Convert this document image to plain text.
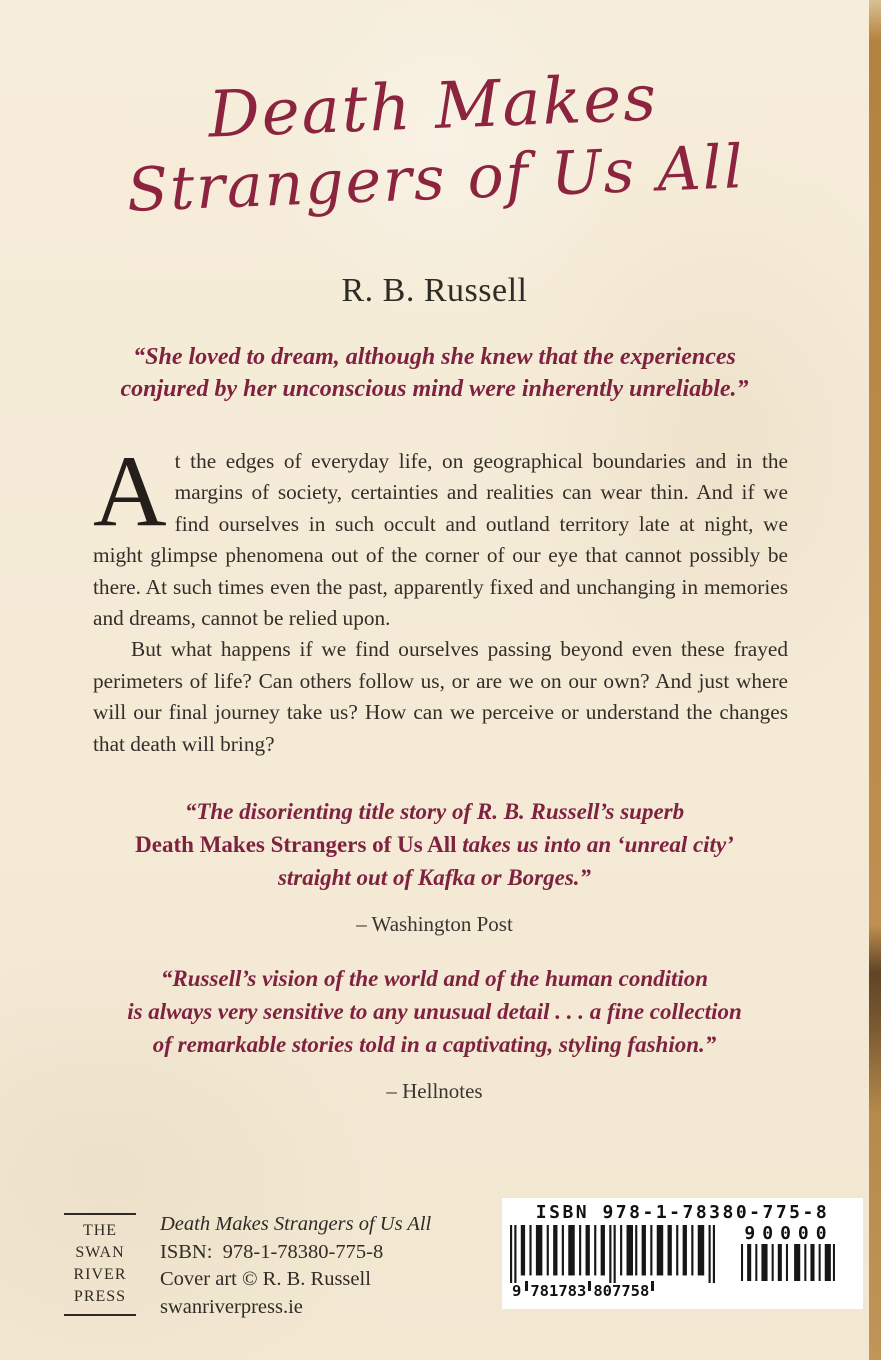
Death Makes
Strangers of Us All
R. B. Russell
“She loved to dream, although she knew that the experiences
conjured by her unconscious mind were inherently unreliable.”

At the edges of everyday life, on geographical boundaries and in the margins of society, certainties and realities can wear thin. And if we find ourselves in such occult and outland territory late at night, we might glimpse phenomena out of the corner of our eye that cannot possibly be there. At such times even the past, apparently fixed and unchanging in memories and dreams, cannot be relied upon.

But what happens if we find ourselves passing beyond even these frayed perimeters of life? Can others follow us, or are we on our own? And just where will our final journey take us? How can we perceive or understand the changes that death will bring?

“The disorienting title story of R. B. Russell’s superb
Death Makes Strangers of Us All takes us into an ‘unreal city’
straight out of Kafka or Borges.”
– Washington Post
“Russell’s vision of the world and of the human condition
is always very sensitive to any unusual detail . . . a fine collection
of remarkable stories told in a captivating, styling fashion.”
– Hellnotes
THE
SWAN
RIVER
PRESS
Death Makes Strangers of Us All
ISBN:  978-1-78380-775-8
Cover art © R. B. Russell
swanriverpress.ie
ISBN 978-1-78380-775-8
9 781783 807758
90000
